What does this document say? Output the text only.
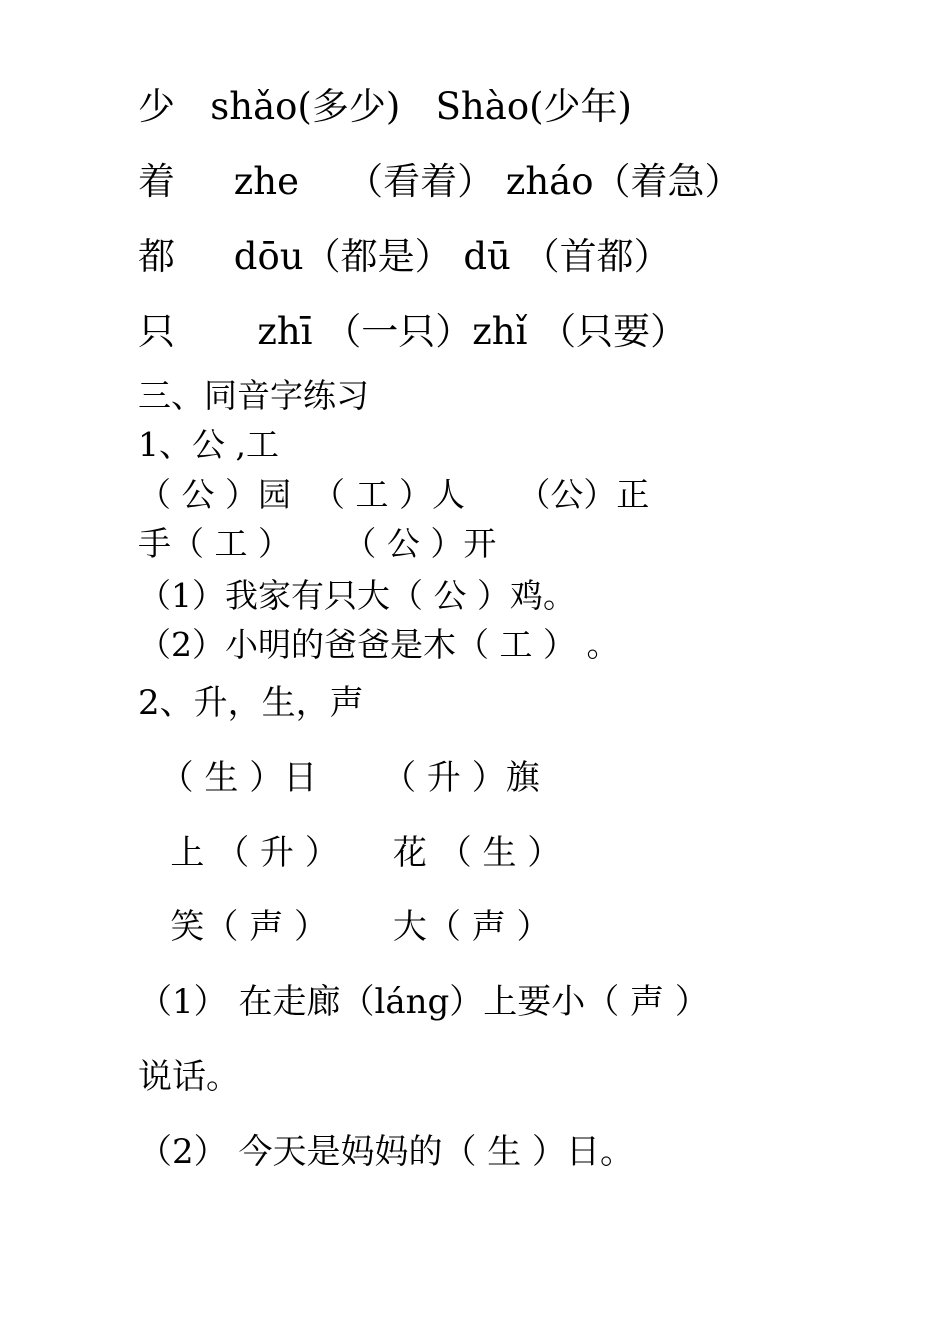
少   shǎo(多少)   Shào(少年)
着     zhe    （看着） zháo（着急）
都     dōu（都是） dū （首都）
只       zhī （一只）zhǐ （只要）
三、同音字练习
1、公 ,工
（ 公 ）园  （ 工 ）人     （公）正
手（ 工 ）     （ 公 ）开
（1）我家有只大（ 公 ）鸡。
（2）小明的爸爸是木（ 工 ） 。
2、升，生，声
（ 生 ）日      （ 升 ）旗
上 （ 升 ）     花 （ 生 ）
笑（ 声 ）      大（ 声 ）
（1） 在走廊（láng）上要小（ 声 ）
说话。
（2） 今天是妈妈的（ 生 ）日。
